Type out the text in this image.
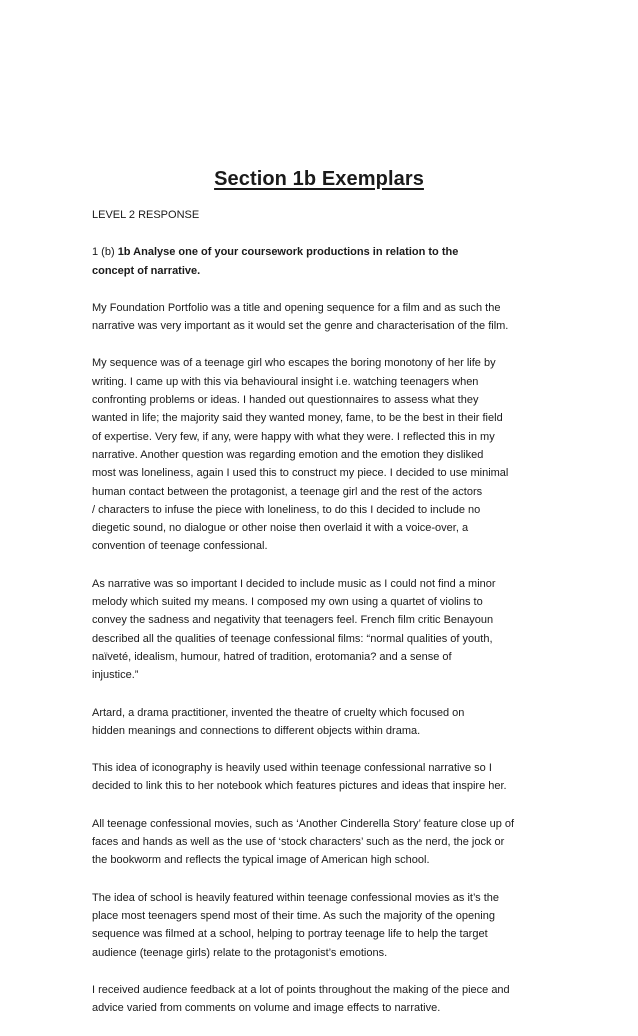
Section 1b Exemplars

LEVEL 2 RESPONSE

1 (b) 1b Analyse one of your coursework productions in relation to the
concept of narrative.

My Foundation Portfolio was a title and opening sequence for a film and as such the
narrative was very important as it would set the genre and characterisation of the film.

My sequence was of a teenage girl who escapes the boring monotony of her life by
writing. I came up with this via behavioural insight i.e. watching teenagers when
confronting problems or ideas. I handed out questionnaires to assess what they
wanted in life; the majority said they wanted money, fame, to be the best in their field
of expertise. Very few, if any, were happy with what they were. I reflected this in my
narrative. Another question was regarding emotion and the emotion they disliked
most was loneliness, again I used this to construct my piece. I decided to use minimal
human contact between the protagonist, a teenage girl and the rest of the actors
/ characters to infuse the piece with loneliness, to do this I decided to include no
diegetic sound, no dialogue or other noise then overlaid it with a voice-over, a
convention of teenage confessional.

As narrative was so important I decided to include music as I could not find a minor
melody which suited my means. I composed my own using a quartet of violins to
convey the sadness and negativity that teenagers feel. French film critic Benayoun
described all the qualities of teenage confessional films: “normal qualities of youth,
naïveté, idealism, humour, hatred of tradition, erotomania? and a sense of
injustice.”

Artard, a drama practitioner, invented the theatre of cruelty which focused on
hidden meanings and connections to different objects within drama.

This idea of iconography is heavily used within teenage confessional narrative so I
decided to link this to her notebook which features pictures and ideas that inspire her.

All teenage confessional movies, such as ‘Another Cinderella Story’ feature close up of
faces and hands as well as the use of ‘stock characters’ such as the nerd, the jock or
the bookworm and reflects the typical image of American high school.

The idea of school is heavily featured within teenage confessional movies as it’s the
place most teenagers spend most of their time. As such the majority of the opening
sequence was filmed at a school, helping to portray teenage life to help the target
audience (teenage girls) relate to the protagonist’s emotions.

I received audience feedback at a lot of points throughout the making of the piece and
advice varied from comments on volume and image effects to narrative.
